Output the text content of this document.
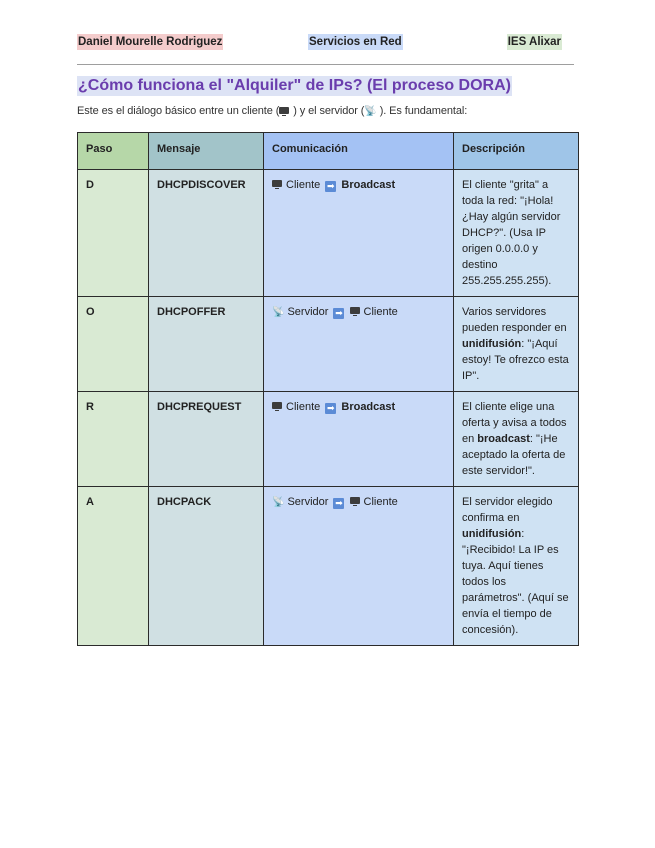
Daniel Mourelle Rodriguez	Servicios en Red	IES Alixar
¿Cómo funciona el "Alquiler" de IPs? (El proceso DORA)

Este es el diálogo básico entre un cliente ( ) y el servidor (📡 ). Es fundamental:

Paso	Mensaje	Comunicación	Descripción
D	DHCPDISCOVER	Cliente ➡ Broadcast	El cliente "grita" a toda la red: "¡Hola! ¿Hay algún servidor DHCP?". (Usa IP origen 0.0.0.0 y destino 255.255.255.255).
O	DHCPOFFER	📡 Servidor ➡ Cliente	Varios servidores pueden responder en unidifusión: "¡Aquí estoy! Te ofrezco esta IP".
R	DHCPREQUEST	Cliente ➡ Broadcast	El cliente elige una oferta y avisa a todos en broadcast: "¡He aceptado la oferta de este servidor!".
A	DHCPACK	📡 Servidor ➡ Cliente	El servidor elegido confirma en unidifusión: "¡Recibido! La IP es tuya. Aquí tienes todos los parámetros". (Aquí se envía el tiempo de concesión).
